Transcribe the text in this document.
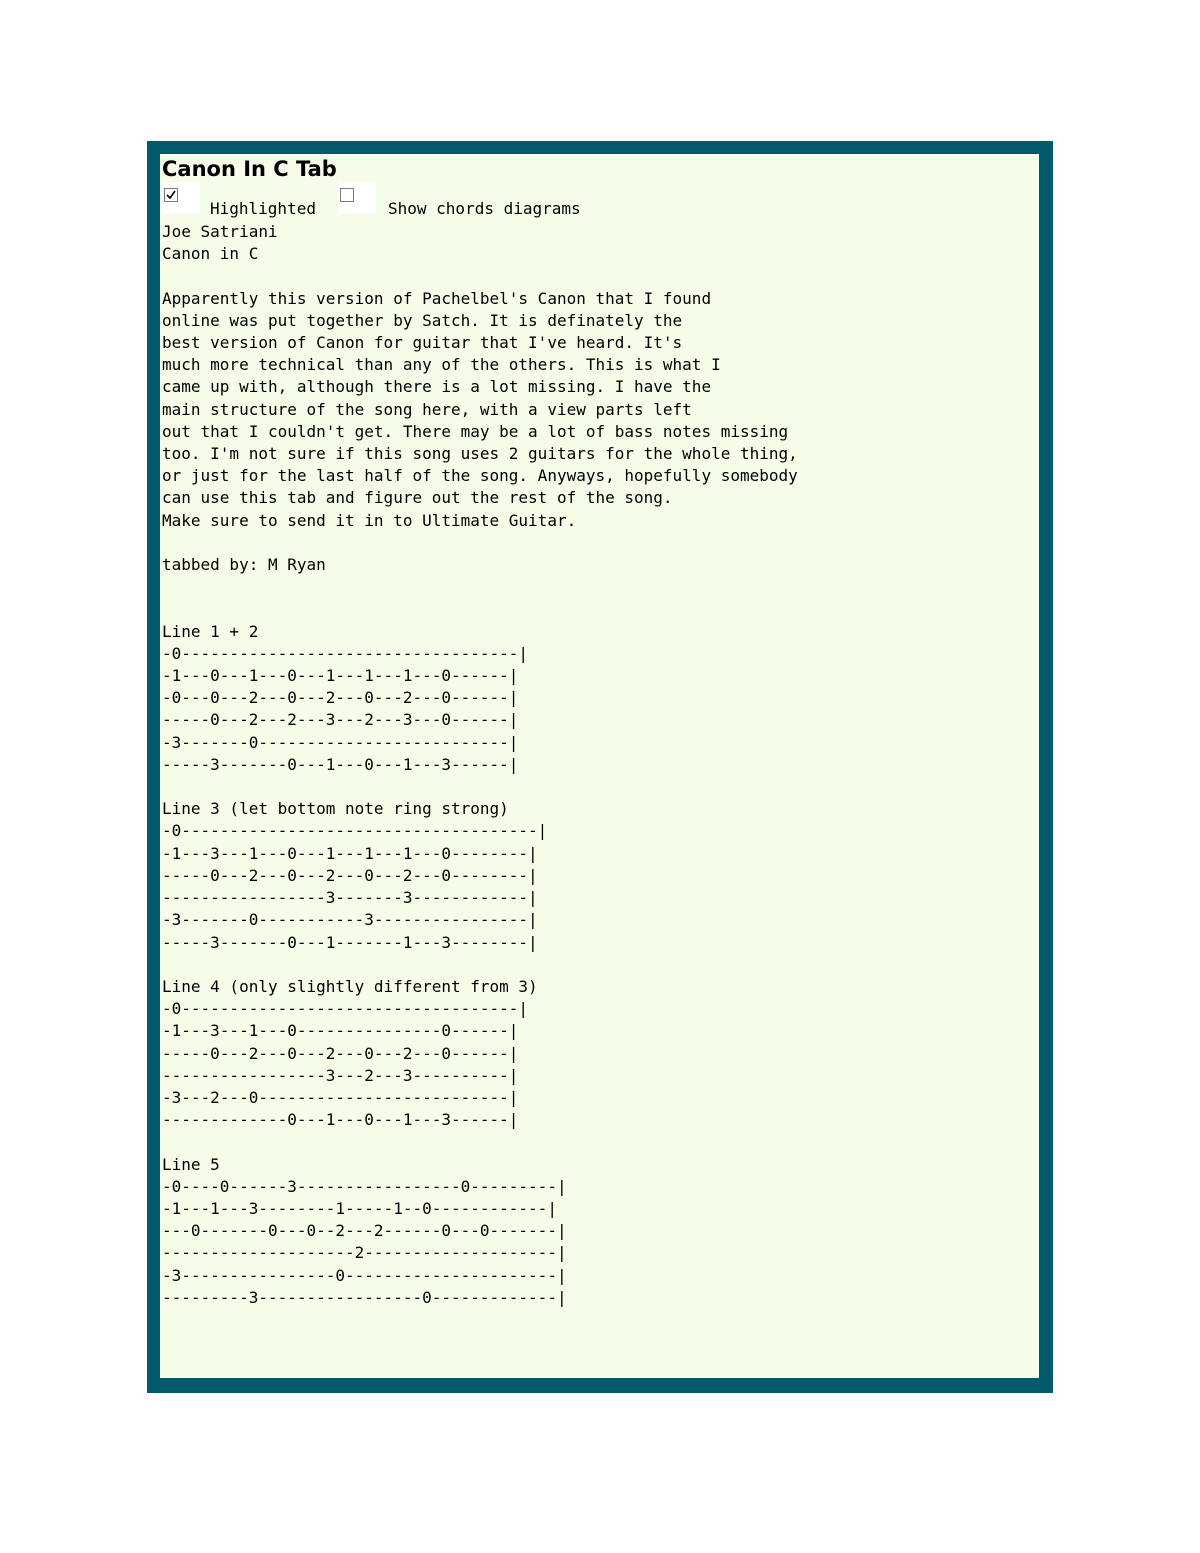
Canon In C Tab
Highlighted	Show chords diagrams
Joe Satriani
Canon in C

Apparently this version of Pachelbel's Canon that I found
online was put together by Satch. It is definately the
best version of Canon for guitar that I've heard. It's
much more technical than any of the others. This is what I
came up with, although there is a lot missing. I have the
main structure of the song here, with a view parts left
out that I couldn't get. There may be a lot of bass notes missing
too. I'm not sure if this song uses 2 guitars for the whole thing,
or just for the last half of the song. Anyways, hopefully somebody
can use this tab and figure out the rest of the song.
Make sure to send it in to Ultimate Guitar.

tabbed by: M Ryan

Line 1 + 2
-0-----------------------------------|
-1---0---1---0---1---1---1---0------|
-0---0---2---0---2---0---2---0------|
-----0---2---2---3---2---3---0------|
-3-------0--------------------------|
-----3-------0---1---0---1---3------|

Line 3 (let bottom note ring strong)
-0-------------------------------------|
-1---3---1---0---1---1---1---0--------|
-----0---2---0---2---0---2---0--------|
-----------------3-------3------------|
-3-------0-----------3----------------|
-----3-------0---1-------1---3--------|

Line 4 (only slightly different from 3)
-0-----------------------------------|
-1---3---1---0---------------0------|
-----0---2---0---2---0---2---0------|
-----------------3---2---3----------|
-3---2---0--------------------------|
-------------0---1---0---1---3------|

Line 5
-0----0------3-----------------0---------|
-1---1---3--------1-----1--0------------|
---0-------0---0--2---2------0---0-------|
--------------------2--------------------|
-3----------------0----------------------|
---------3-----------------0-------------|
